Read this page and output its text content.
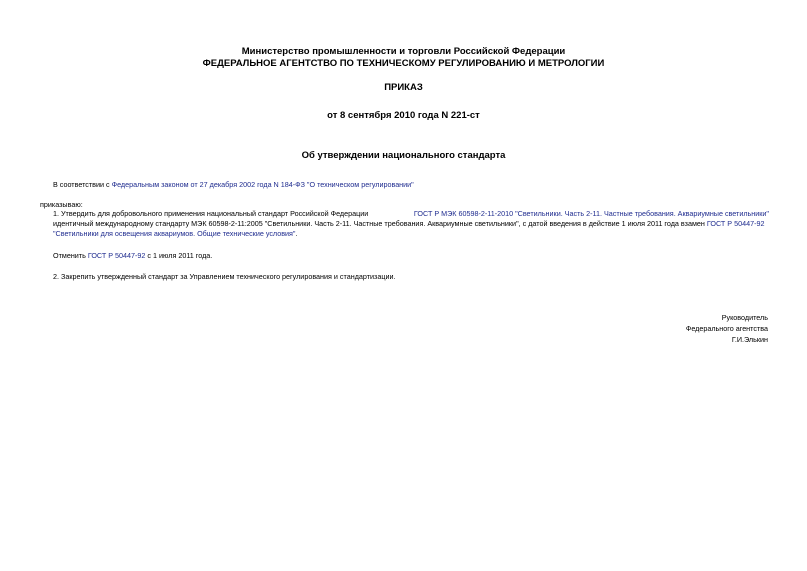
Министерство промышленности и торговли Российской Федерации
ФЕДЕРАЛЬНОЕ АГЕНТСТВО ПО ТЕХНИЧЕСКОМУ РЕГУЛИРОВАНИЮ И МЕТРОЛОГИИ
ПРИКАЗ
от 8 сентября 2010 года N 221-ст
Об утверждении национального стандарта
В соответствии с Федеральным законом от 27 декабря 2002 года N 184-ФЗ "О техническом регулировании"
приказываю:
1. Утвердить для добровольного применения национальный стандарт Российской Федерации	ГОСТ Р МЭК 60598-2-11-2010 "Светильники. Часть 2-11. Частные требования. Аквариумные светильники"
идентичный международному стандарту МЭК 60598-2-11:2005 "Светильники. Часть 2-11. Частные требования. Аквариумные светильники", с датой введения в действие 1 июля 2011 года взамен ГОСТ Р 50447-92
"Светильники для освещения аквариумов. Общие технические условия".
Отменить ГОСТ Р 50447-92 с 1 июля 2011 года.
2. Закрепить утвержденный стандарт за Управлением технического регулирования и стандартизации.
Руководитель
Федерального агентства
Г.И.Элькин
